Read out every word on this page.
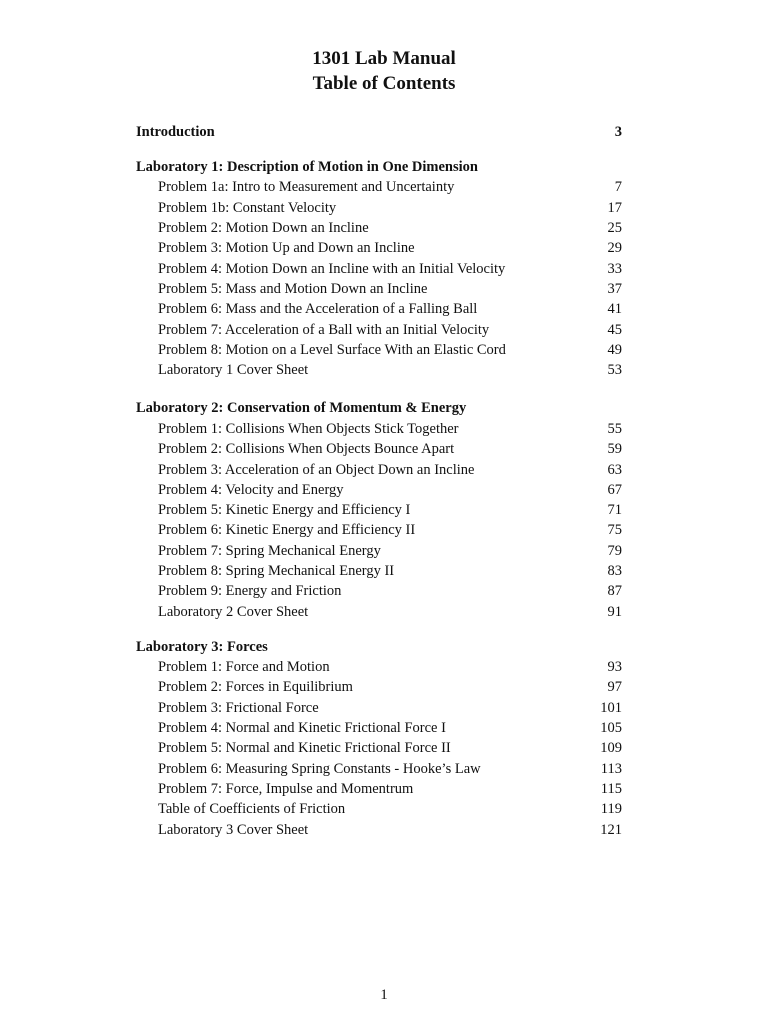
1301 Lab Manual
Table of Contents
Introduction	3
Laboratory 1: Description of Motion in One Dimension
Problem 1a: Intro to Measurement and Uncertainty	7
Problem 1b: Constant Velocity	17
Problem 2: Motion Down an Incline	25
Problem 3: Motion Up and Down an Incline	29
Problem 4: Motion Down an Incline with an Initial Velocity	33
Problem 5: Mass and Motion Down an Incline	37
Problem 6: Mass and the Acceleration of a Falling Ball	41
Problem 7: Acceleration of a Ball with an Initial Velocity	45
Problem 8: Motion on a Level Surface With an Elastic Cord	49
Laboratory 1 Cover Sheet	53
Laboratory 2: Conservation of Momentum & Energy
Problem 1: Collisions When Objects Stick Together	55
Problem 2: Collisions When Objects Bounce Apart	59
Problem 3: Acceleration of an Object Down an Incline	63
Problem 4: Velocity and Energy	67
Problem 5: Kinetic Energy and Efficiency I	71
Problem 6: Kinetic Energy and Efficiency II	75
Problem 7: Spring Mechanical Energy	79
Problem 8: Spring Mechanical Energy II	83
Problem 9: Energy and Friction	87
Laboratory 2 Cover Sheet	91
Laboratory 3: Forces
Problem 1: Force and Motion	93
Problem 2: Forces in Equilibrium	97
Problem 3: Frictional Force	101
Problem 4: Normal and Kinetic Frictional Force I	105
Problem 5: Normal and Kinetic Frictional Force II	109
Problem 6: Measuring Spring Constants - Hooke’s Law	113
Problem 7: Force, Impulse and Momentrum	115
Table of Coefficients of Friction	119
Laboratory 3 Cover Sheet	121
1
